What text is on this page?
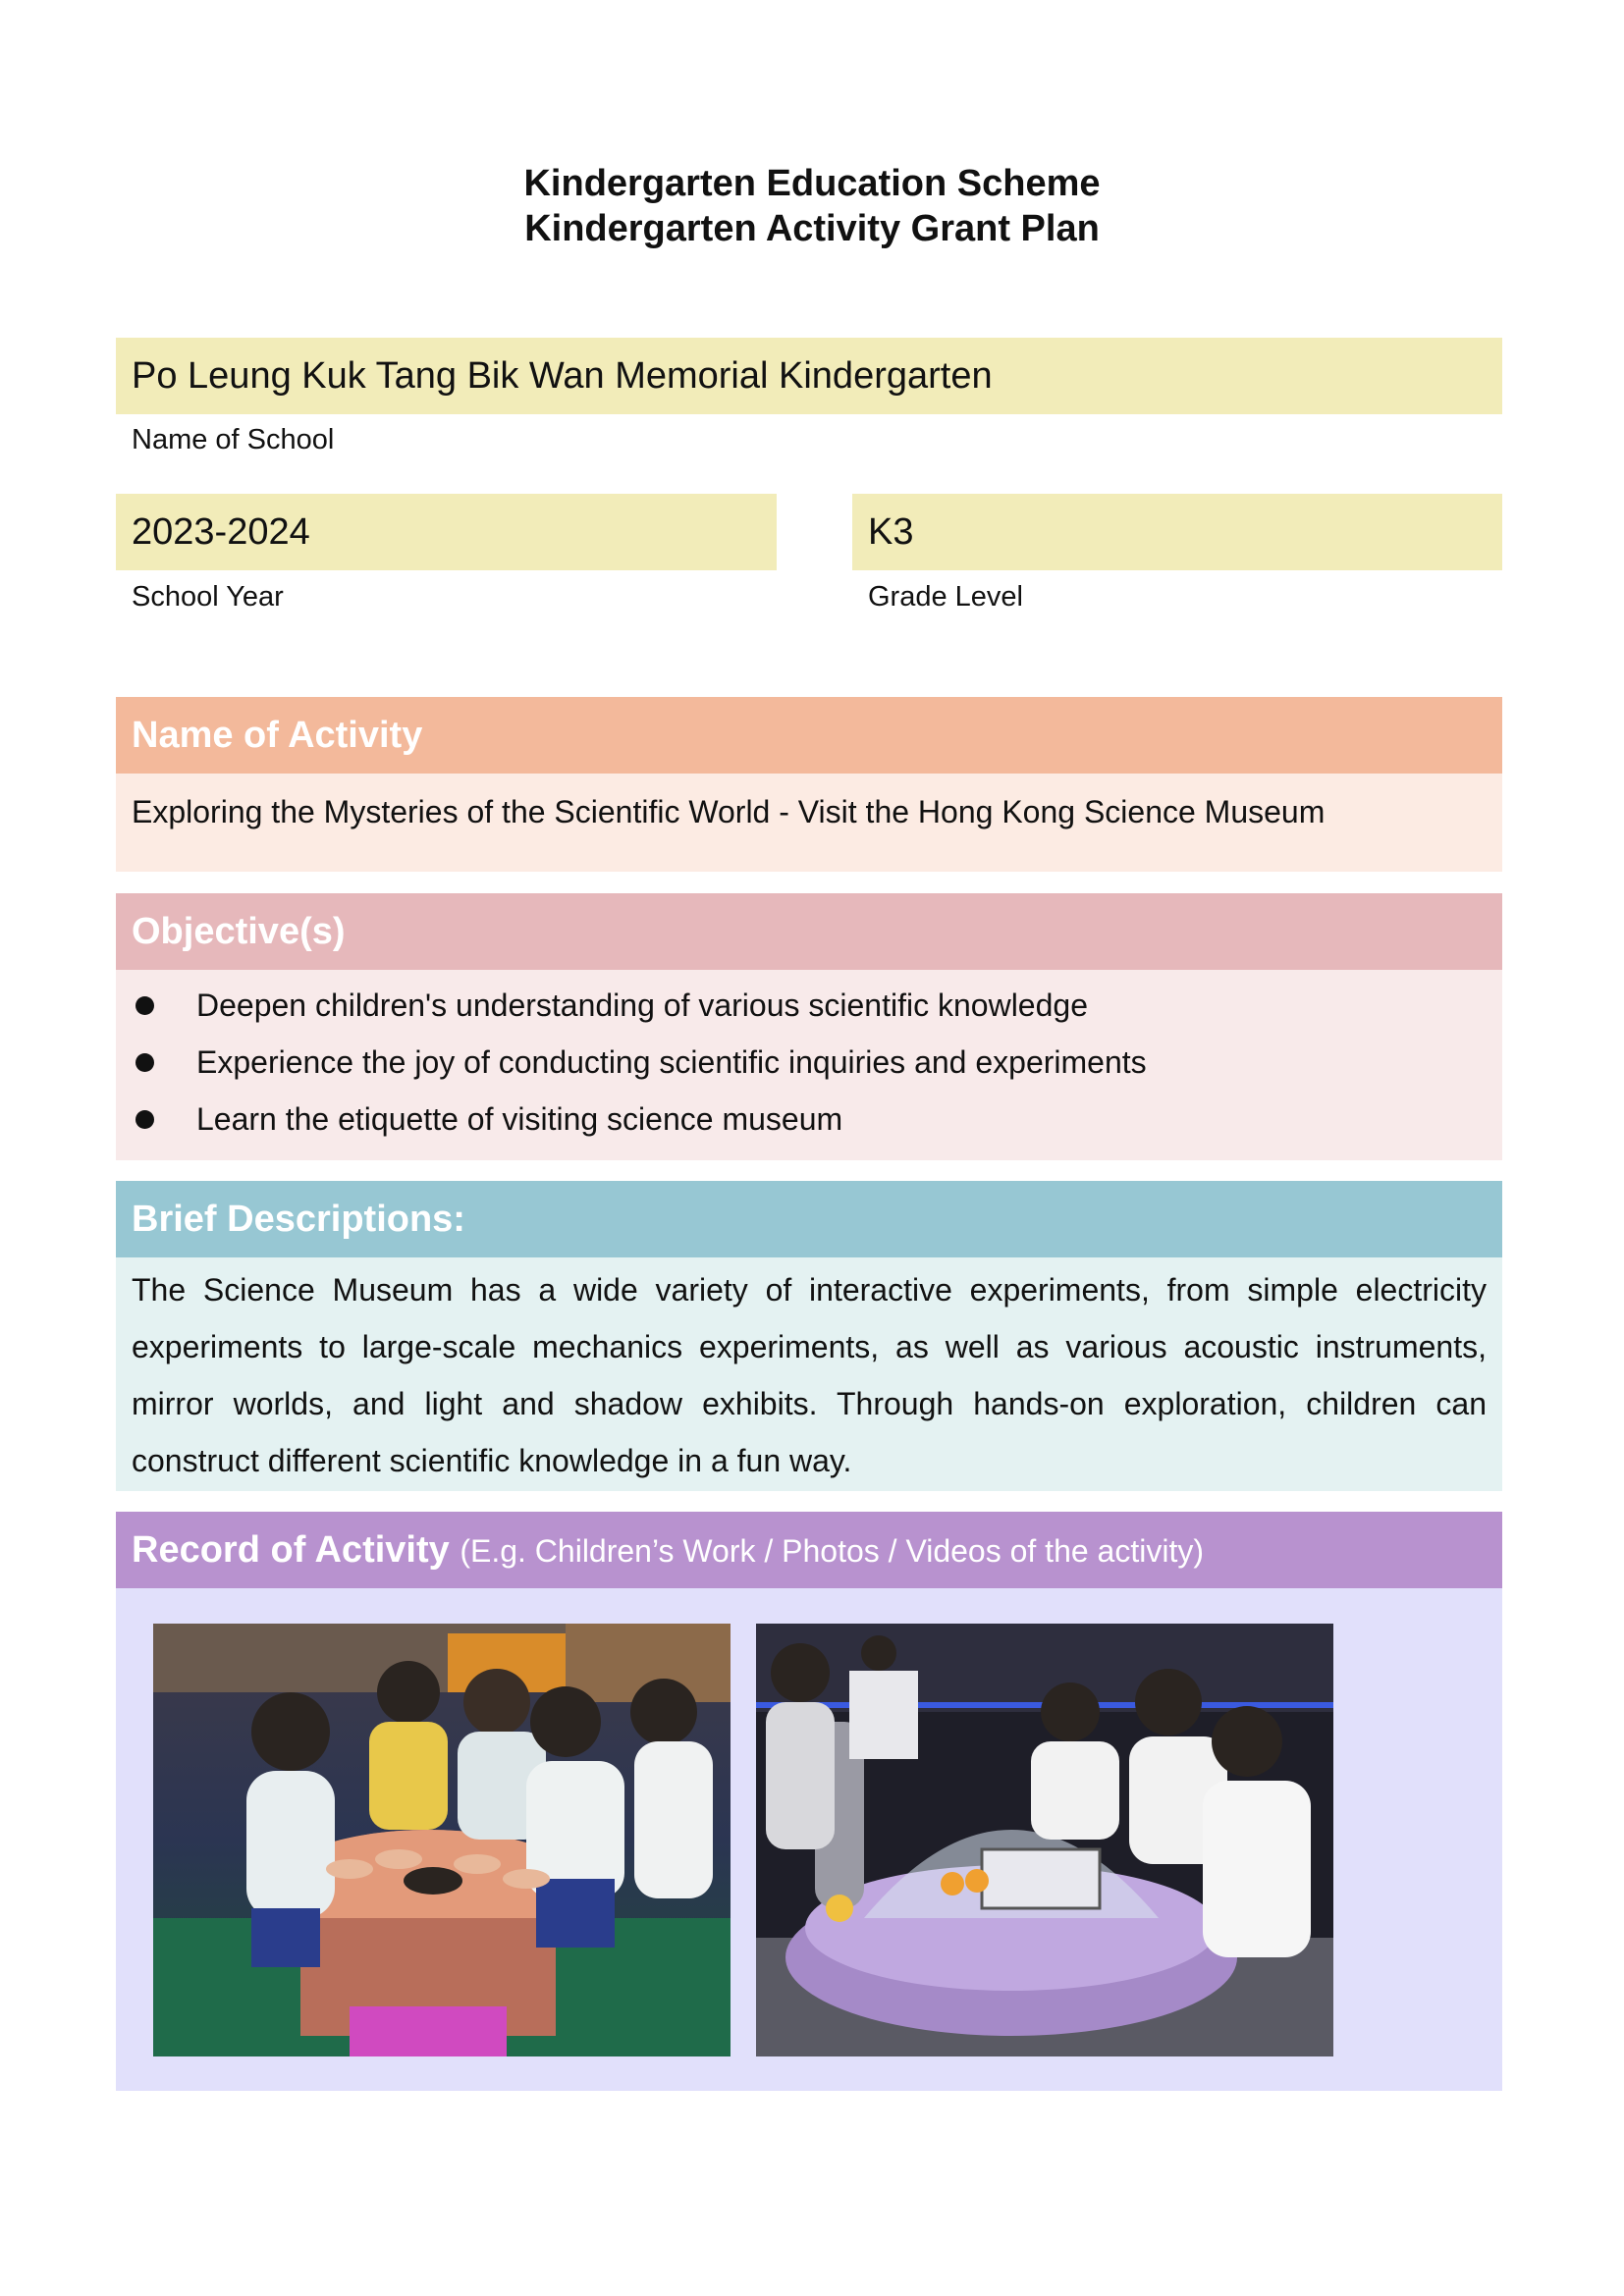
Kindergarten Education Scheme
Kindergarten Activity Grant Plan
Po Leung Kuk Tang Bik Wan Memorial Kindergarten
Name of School
2023-2024
School Year
K3
Grade Level
Name of Activity
Exploring the Mysteries of the Scientific World - Visit the Hong Kong Science Museum
Objective(s)
Deepen children's understanding of various scientific knowledge
Experience the joy of conducting scientific inquiries and experiments
Learn the etiquette of visiting science museum
Brief Descriptions:
The Science Museum has a wide variety of interactive experiments, from simple electricity experiments to large-scale mechanics experiments, as well as various acoustic instruments, mirror worlds, and light and shadow exhibits. Through hands-on exploration, children can construct different scientific knowledge in a fun way.
Record of Activity (E.g. Children’s Work / Photos / Videos of the activity)
